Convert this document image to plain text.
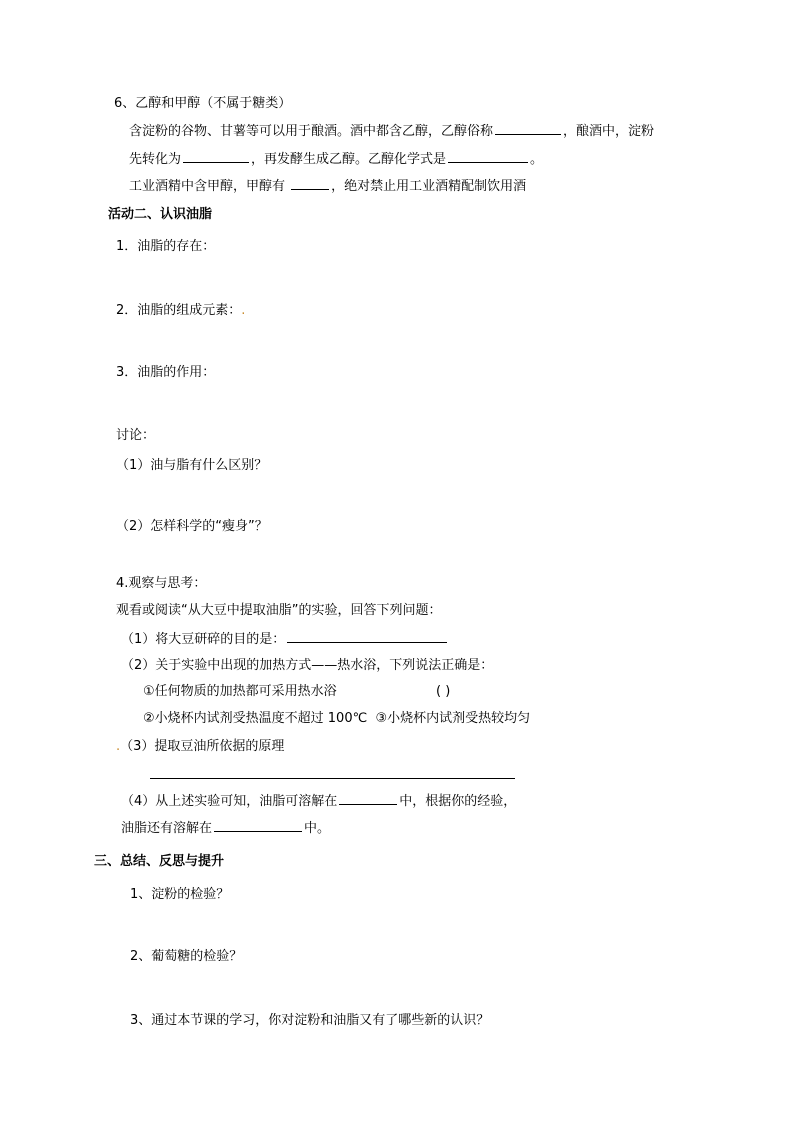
6、乙醇和甲醇（不属于糖类）
含淀粉的谷物、甘薯等可以用于酿酒。酒中都含乙醇，乙醇俗称	，酿酒中，淀粉
先转化为	，再发酵生成乙醇。乙醇化学式是	。
工业酒精中含甲醇，甲醇有	，绝对禁止用工业酒精配制饮用酒
活动二、认识油脂
1．油脂的存在：
2．油脂的组成元素：.
3．油脂的作用：
讨论：
（1）油与脂有什么区别？
（2）怎样科学的“瘦身”？
4.观察与思考：
观看或阅读“从大豆中提取油脂”的实验，回答下列问题：
（1）将大豆研碎的目的是：
（2）关于实验中出现的加热方式——热水浴，下列说法正确是：
①任何物质的加热都可采用热水浴	( )
②小烧杯内试剂受热温度不超过 100℃ ③小烧杯内试剂受热较均匀
.（3）提取豆油所依据的原理
（4）从上述实验可知，油脂可溶解在	中，根据你的经验，
油脂还有溶解在	中。
三、总结、反思与提升
1、淀粉的检验？
2、葡萄糖的检验？
3、通过本节课的学习，你对淀粉和油脂又有了哪些新的认识？
